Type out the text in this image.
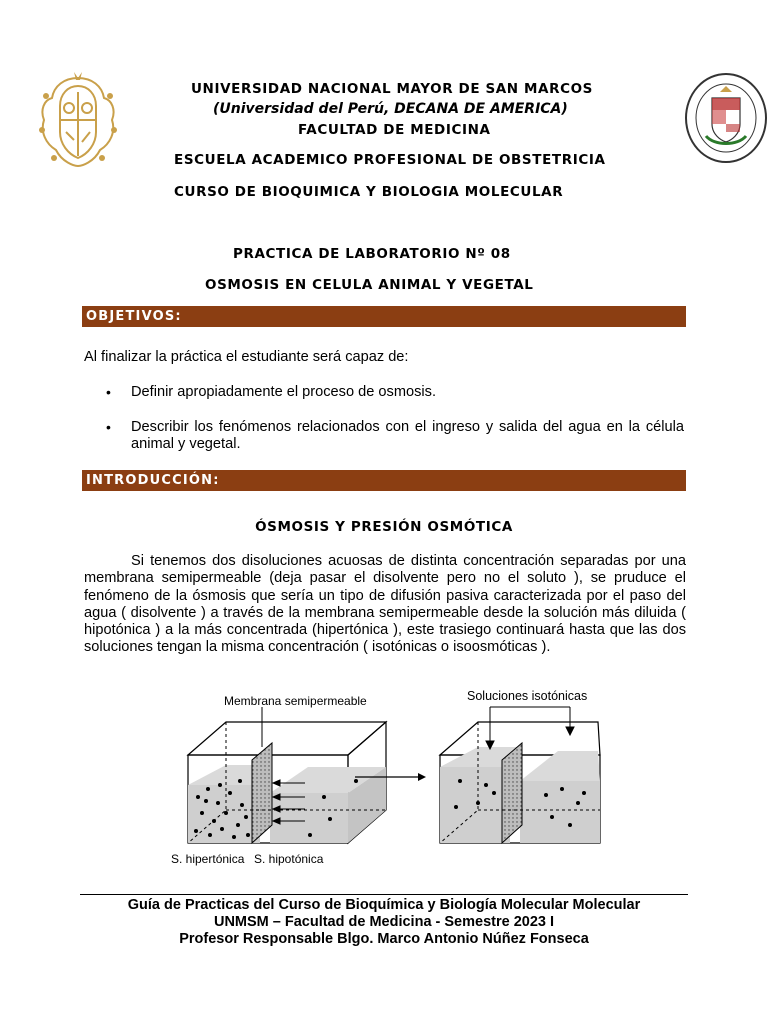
UNIVERSIDAD NACIONAL MAYOR DE SAN MARCOS
(Universidad del Perú, DECANA DE AMERICA)
FACULTAD DE MEDICINA
ESCUELA ACADEMICO PROFESIONAL DE OBSTETRICIA
CURSO DE BIOQUIMICA Y BIOLOGIA MOLECULAR
PRACTICA DE LABORATORIO Nº 08
OSMOSIS EN CELULA ANIMAL Y VEGETAL
OBJETIVOS:
Al finalizar la práctica el estudiante será capaz de:
• Definir apropiadamente el proceso de osmosis.
• Describir los fenómenos relacionados con el ingreso y salida del agua en la célula animal y vegetal.
INTRODUCCIÓN:
ÓSMOSIS Y PRESIÓN OSMÓTICA
Si tenemos dos disoluciones acuosas de distinta concentración separadas por una membrana semipermeable (deja pasar el disolvente pero no el soluto ), se pruduce el fenómeno de la ósmosis que sería un tipo de difusión pasiva caracterizada por el paso del agua ( disolvente ) a través de la membrana semipermeable desde la solución más diluida ( hipotónica ) a la más concentrada (hipertónica ), este trasiego continuará hasta que las dos soluciones tengan la misma concentración ( isotónicas o isoosmóticas ).
Membrana semipermeable	Soluciones isotónicas
S. hipertónica S. hipotónica
Guía de Practicas del Curso de Bioquímica y Biología Molecular Molecular
UNMSM – Facultad de Medicina - Semestre 2023 I
Profesor Responsable Blgo. Marco Antonio Núñez Fonseca
